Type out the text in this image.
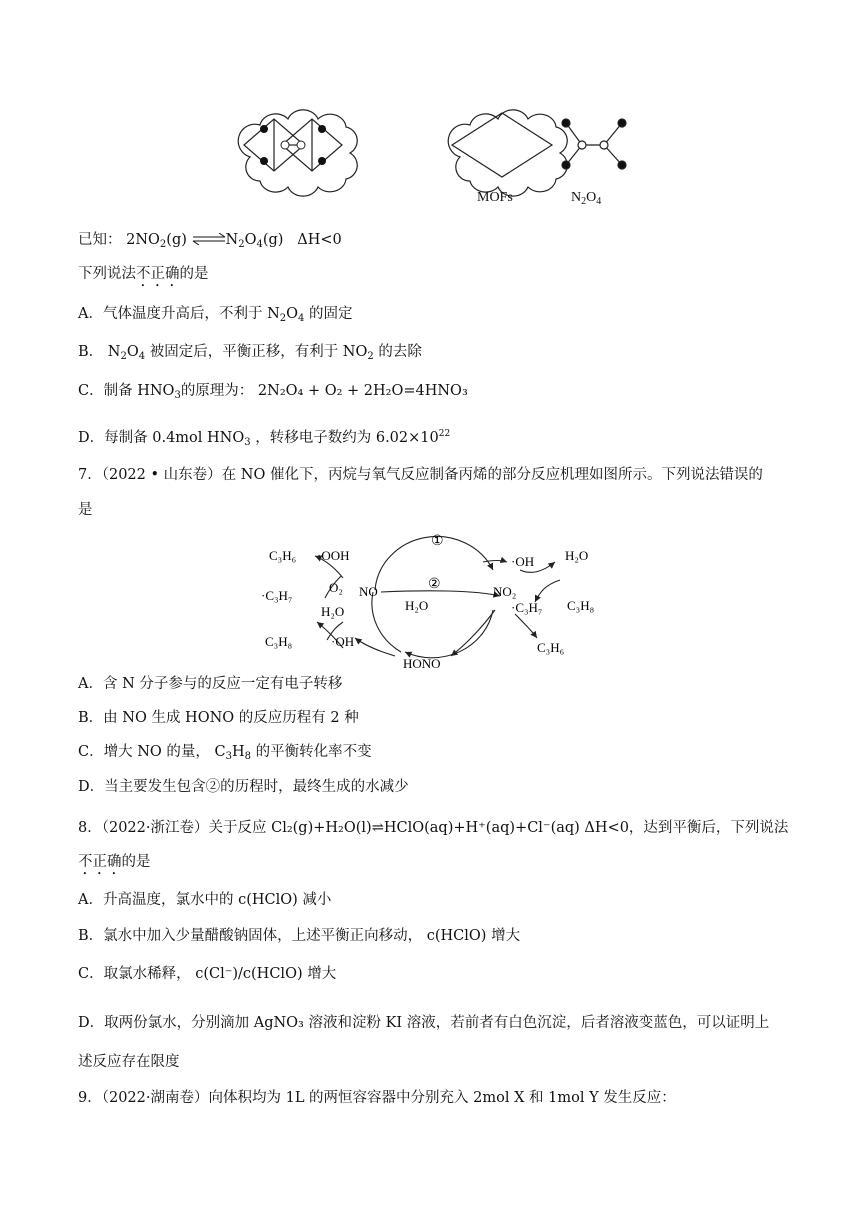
MOFs	$N_2O_4$
已知： $2NO_2(g)$ $\rightleftharpoons N_2O_4(g)$ ΔH<0
下列说法不正确的是
A．气体温度升高后，不利于 $N_2O_4$ 的固定
B． $N_2O_4$ 被固定后，平衡正移，有利于 $NO_2$ 的去除
C．制备 $HNO_3$的原理为： 2N₂O₄ + O₂ + 2H₂O=4HNO₃
D．每制备 0.4mol $HNO_3$ ，转移电子数约为 $6.02\times 10^{22}$
7．（2022 • 山东卷）在 NO 催化下，丙烷与氧气反应制备丙烯的部分反应机理如图所示。下列说法错误的
是
①
②
C₃H₆ ·OOH	·OH H₂O
·C₃H₇
O₂ NO	NO₂
H₂O	·C₃H₇ C₃H₈
H₂O
C₃H₈	·OH
HONO
C₃H₆
A．含 N 分子参与的反应一定有电子转移
B．由 NO 生成 HONO 的反应历程有 2 种
C．增大 NO 的量， $C_3H_8$ 的平衡转化率不变
D．当主要发生包含②的历程时，最终生成的水减少
8．（2022·浙江卷）关于反应 Cl₂(g)+H₂O(l)⇌HClO(aq)+H⁺(aq)+Cl⁻(aq) ΔH<0，达到平衡后，下列说法
不正确的是
A．升高温度，氯水中的 c(HClO) 减小
B．氯水中加入少量醋酸钠固体，上述平衡正向移动， c(HClO) 增大
C．取氯水稀释， c(Cl⁻)/c(HClO) 增大
D．取两份氯水，分别滴加 AgNO₃ 溶液和淀粉 KI 溶液，若前者有白色沉淀，后者溶液变蓝色，可以证明上
述反应存在限度
9．（2022·湖南卷）向体积均为 1L 的两恒容容器中分别充入 2mol X 和 1mol Y 发生反应：
